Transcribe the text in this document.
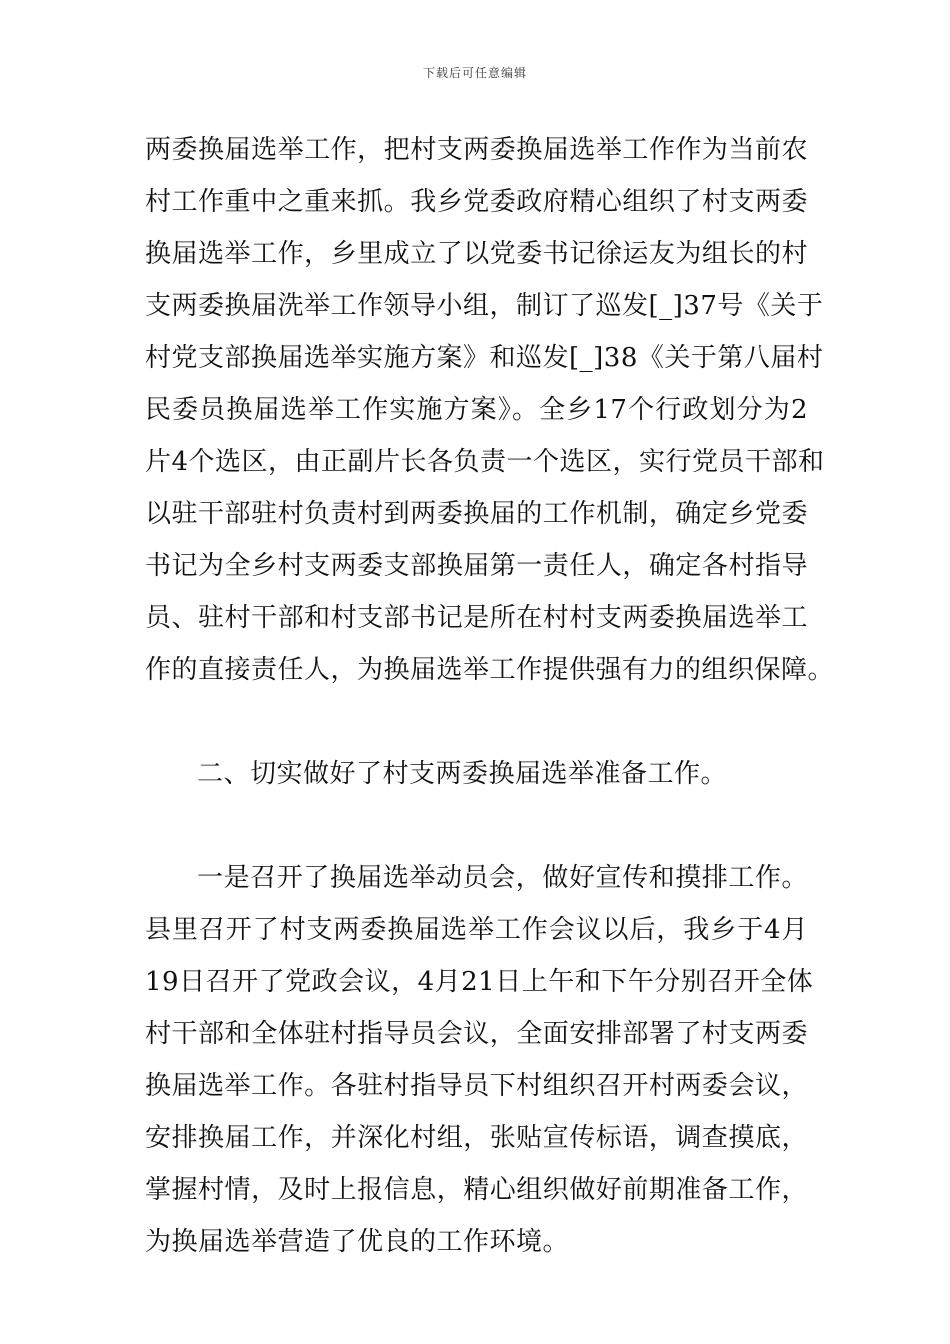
下载后可任意编辑
两委换届选举工作，把村支两委换届选举工作作为当前农
村工作重中之重来抓。我乡党委政府精心组织了村支两委
换届选举工作，乡里成立了以党委书记徐运友为组长的村
支两委换届洗举工作领导小组，制订了巡发[_]37号《关于
村党支部换届选举实施方案》和巡发[_]38《关于第八届村
民委员换届选举工作实施方案》。全乡17个行政划分为2
片4个选区，由正副片长各负责一个选区，实行党员干部和
以驻干部驻村负责村到两委换届的工作机制，确定乡党委
书记为全乡村支两委支部换届第一责任人，确定各村指导
员、驻村干部和村支部书记是所在村村支两委换届选举工
作的直接责任人，为换届选举工作提供强有力的组织保障。
二、切实做好了村支两委换届选举准备工作。
一是召开了换届选举动员会，做好宣传和摸排工作。
县里召开了村支两委换届选举工作会议以后，我乡于4月
19日召开了党政会议，4月21日上午和下午分别召开全体
村干部和全体驻村指导员会议，全面安排部署了村支两委
换届选举工作。各驻村指导员下村组织召开村两委会议，
安排换届工作，并深化村组，张贴宣传标语，调查摸底，
掌握村情，及时上报信息，精心组织做好前期准备工作，
为换届选举营造了优良的工作环境。
